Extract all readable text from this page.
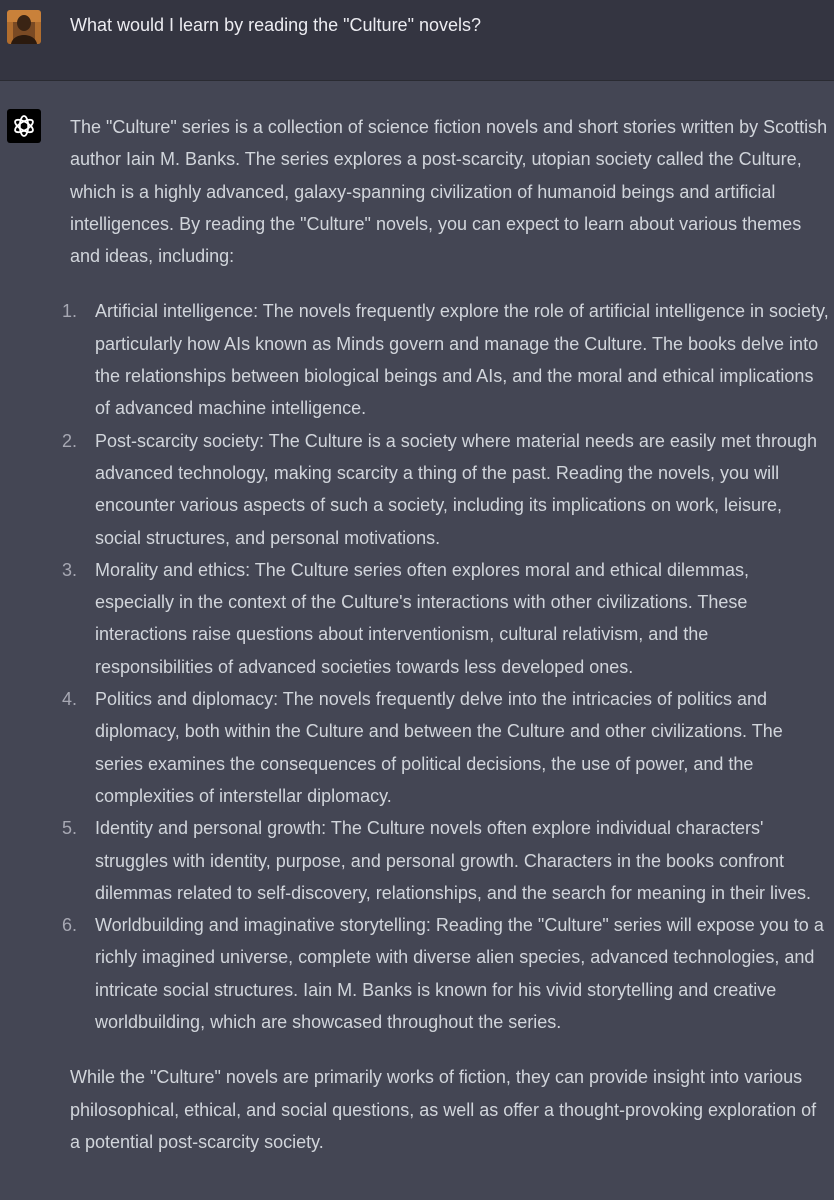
What would I learn by reading the "Culture" novels?

The "Culture" series is a collection of science fiction novels and short stories written by Scottish author Iain M. Banks. The series explores a post-scarcity, utopian society called the Culture, which is a highly advanced, galaxy-spanning civilization of humanoid beings and artificial intelligences. By reading the "Culture" novels, you can expect to learn about various themes and ideas, including:

1. Artificial intelligence: The novels frequently explore the role of artificial intelligence in society, particularly how AIs known as Minds govern and manage the Culture. The books delve into the relationships between biological beings and AIs, and the moral and ethical implications of advanced machine intelligence.
2. Post-scarcity society: The Culture is a society where material needs are easily met through advanced technology, making scarcity a thing of the past. Reading the novels, you will encounter various aspects of such a society, including its implications on work, leisure, social structures, and personal motivations.
3. Morality and ethics: The Culture series often explores moral and ethical dilemmas, especially in the context of the Culture's interactions with other civilizations. These interactions raise questions about interventionism, cultural relativism, and the responsibilities of advanced societies towards less developed ones.
4. Politics and diplomacy: The novels frequently delve into the intricacies of politics and diplomacy, both within the Culture and between the Culture and other civilizations. The series examines the consequences of political decisions, the use of power, and the complexities of interstellar diplomacy.
5. Identity and personal growth: The Culture novels often explore individual characters' struggles with identity, purpose, and personal growth. Characters in the books confront dilemmas related to self-discovery, relationships, and the search for meaning in their lives.
6. Worldbuilding and imaginative storytelling: Reading the "Culture" series will expose you to a richly imagined universe, complete with diverse alien species, advanced technologies, and intricate social structures. Iain M. Banks is known for his vivid storytelling and creative worldbuilding, which are showcased throughout the series.

While the "Culture" novels are primarily works of fiction, they can provide insight into various philosophical, ethical, and social questions, as well as offer a thought-provoking exploration of a potential post-scarcity society.
